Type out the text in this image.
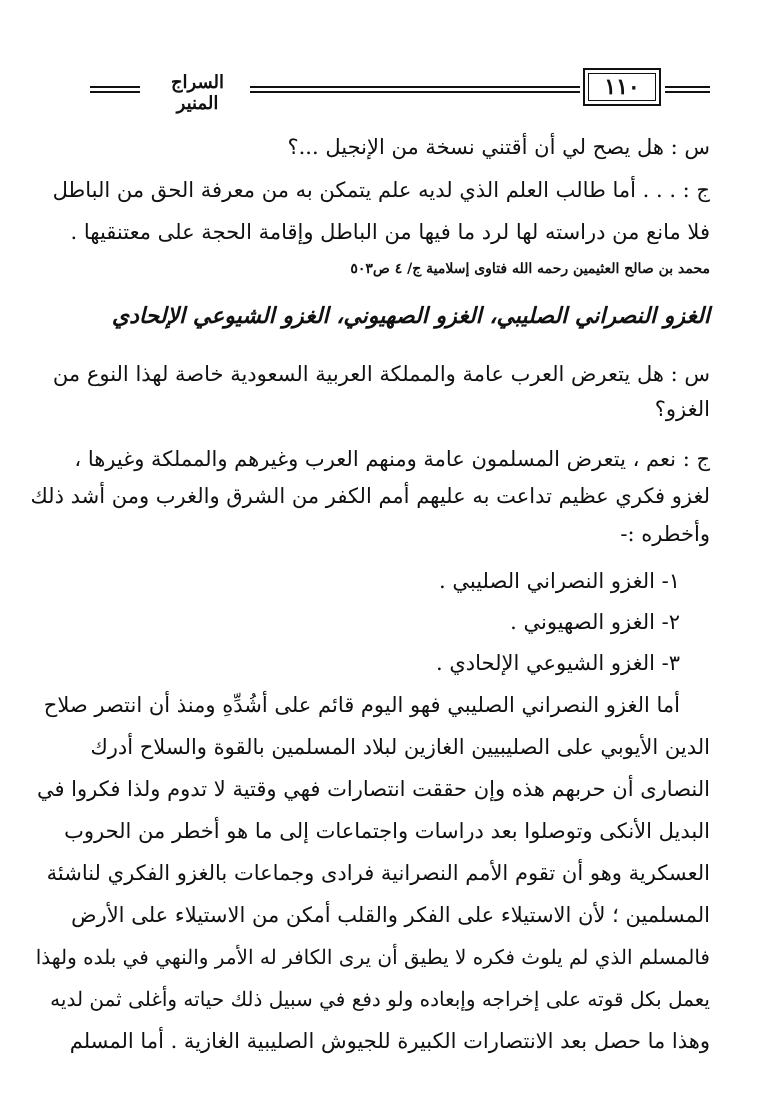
السراج المنير
١١٠
س : هل يصح لي أن أقتني نسخة من الإنجيل ...؟
ج : . . . أما طالب العلم الذي لديه علم يتمكن به من معرفة الحق من الباطل
فلا مانع من دراسته لها لرد ما فيها من الباطل وإقامة الحجة على معتنقيها .
محمد بن صالح العثيمين رحمه الله فتاوى إسلامية ج/ ٤ ص٥٠٣
الغزو النصراني الصليبي، الغزو الصهيوني، الغزو الشيوعي الإلحادي
س : هل يتعرض العرب عامة والمملكة العربية السعودية خاصة لهذا النوع من
الغزو؟
ج : نعم ، يتعرض المسلمون عامة ومنهم العرب وغيرهم والمملكة وغيرها ،
لغزو فكري عظيم تداعت به عليهم أمم الكفر من الشرق والغرب ومن أشد ذلك
وأخطره :-
١- الغزو النصراني الصليبي .
٢- الغزو الصهيوني .
٣- الغزو الشيوعي الإلحادي .
أما الغزو النصراني الصليبي فهو اليوم قائم على أشُدِّهِ ومنذ أن انتصر صلاح
الدين الأيوبي على الصليبيين الغازين لبلاد المسلمين بالقوة والسلاح أدرك
النصارى أن حربهم هذه وإن حققت انتصارات فهي وقتية لا تدوم ولذا فكروا في
البديل الأنكى وتوصلوا بعد دراسات واجتماعات إلى ما هو أخطر من الحروب
العسكرية وهو أن تقوم الأمم النصرانية فرادى وجماعات بالغزو الفكري لناشئة
المسلمين ؛ لأن الاستيلاء على الفكر والقلب أمكن من الاستيلاء على الأرض
فالمسلم الذي لم يلوث فكره لا يطيق أن يرى الكافر له الأمر والنهي في بلده ولهذا
يعمل بكل قوته على إخراجه وإبعاده ولو دفع في سبيل ذلك حياته وأغلى ثمن لديه
وهذا ما حصل بعد الانتصارات الكبيرة للجيوش الصليبية الغازية . أما المسلم
